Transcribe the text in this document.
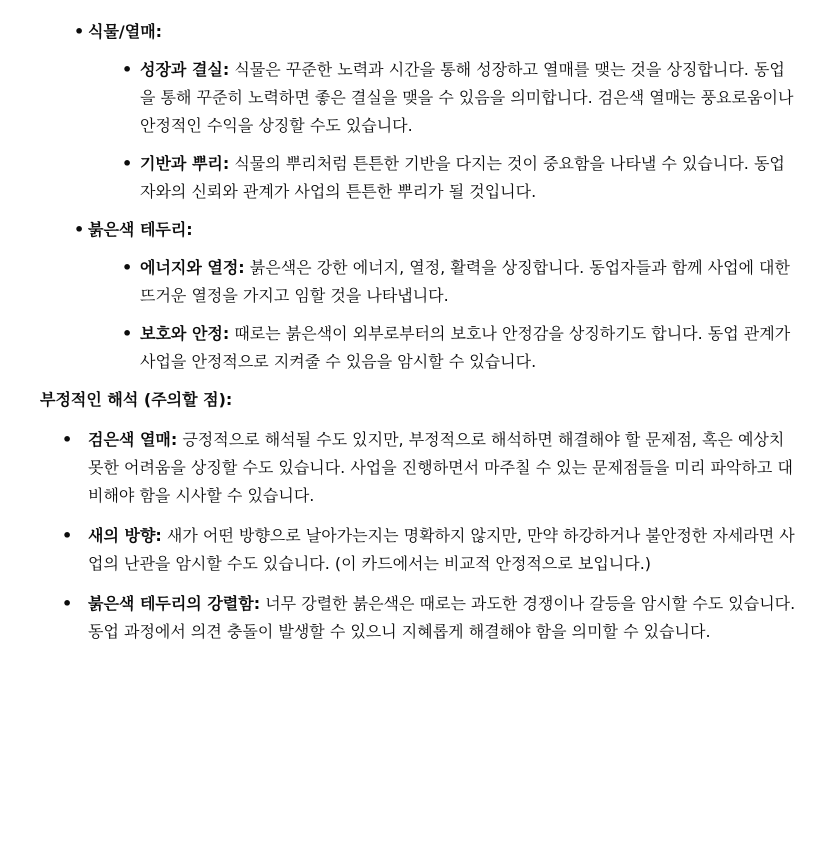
• 식물/열매:
• 성장과 결실: 식물은 꾸준한 노력과 시간을 통해 성장하고 열매를 맺는 것을 상징합니다. 동업을 통해 꾸준히 노력하면 좋은 결실을 맺을 수 있음을 의미합니다. 검은색 열매는 풍요로움이나 안정적인 수익을 상징할 수도 있습니다.
• 기반과 뿌리: 식물의 뿌리처럼 튼튼한 기반을 다지는 것이 중요함을 나타낼 수 있습니다. 동업자와의 신뢰와 관계가 사업의 튼튼한 뿌리가 될 것입니다.
• 붉은색 테두리:
• 에너지와 열정: 붉은색은 강한 에너지, 열정, 활력을 상징합니다. 동업자들과 함께 사업에 대한 뜨거운 열정을 가지고 임할 것을 나타냅니다.
• 보호와 안정: 때로는 붉은색이 외부로부터의 보호나 안정감을 상징하기도 합니다. 동업 관계가 사업을 안정적으로 지켜줄 수 있음을 암시할 수 있습니다.
부정적인 해석 (주의할 점):
• 검은색 열매: 긍정적으로 해석될 수도 있지만, 부정적으로 해석하면 해결해야 할 문제점, 혹은 예상치 못한 어려움을 상징할 수도 있습니다. 사업을 진행하면서 마주칠 수 있는 문제점들을 미리 파악하고 대비해야 함을 시사할 수 있습니다.
• 새의 방향: 새가 어떤 방향으로 날아가는지는 명확하지 않지만, 만약 하강하거나 불안정한 자세라면 사업의 난관을 암시할 수도 있습니다. (이 카드에서는 비교적 안정적으로 보입니다.)
• 붉은색 테두리의 강렬함: 너무 강렬한 붉은색은 때로는 과도한 경쟁이나 갈등을 암시할 수도 있습니다. 동업 과정에서 의견 충돌이 발생할 수 있으니 지혜롭게 해결해야 함을 의미할 수 있습니다.
